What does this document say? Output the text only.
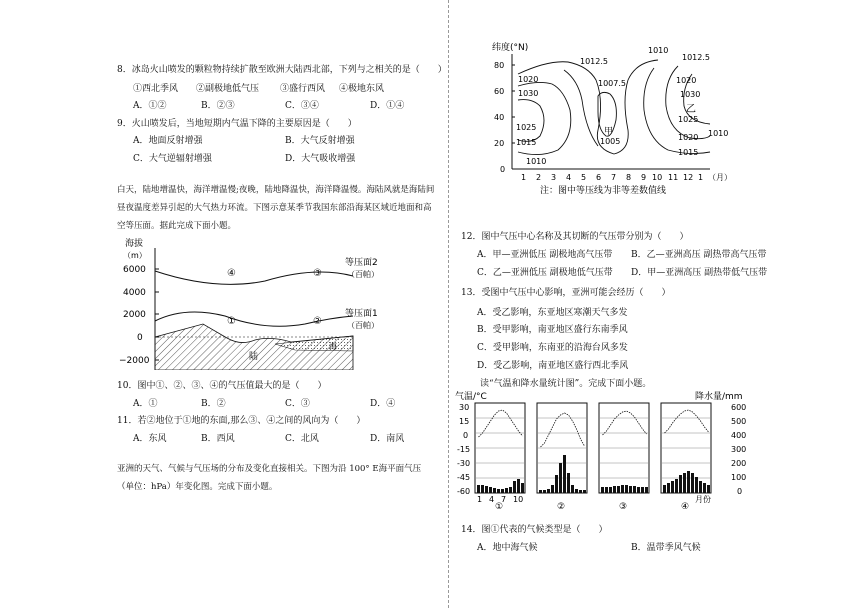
8．冰岛火山喷发的颗粒物持续扩散至欧洲大陆西北部，下列与之相关的是（　　）
①西北季风 ②副极地低气压 ③盛行西风 ④极地东风
A．①②	B．②③	C．③④	D．①④
9．火山喷发后，当地短期内气温下降的主要原因是（　　）
A．地面反射增强	B．大气反射增强
C．大气逆辐射增强	D．大气吸收增强
白天，陆地增温快，海洋增温慢;夜晚，陆地降温快，海洋降温慢。海陆风就是海陆间昼夜温度差异引起的大气热力环流。下图示意某季节我国东部沿海某区域近地面和高空等压面。据此完成下面小题。
海拔
（m）
6000
4000
2000
0
−2000
④	③
①	②
陆
海
等压面2
（百帕）
等压面1
（百帕）
10．图中①、②、③、④的气压值最大的是（　　）
A．①	B．②	C．③	D．④
11．若②地位于①地的东面,那么③、④之间的风向为（　　）
A．东风	B．西风	C．北风	D．南风
亚洲的天气、气候与气压场的分布及变化直接相关。下图为沿 100° E海平面气压（单位：hPa）年变化图。完成下面小题。
纬度(°N)
80
60
40
20
0
1 2 3 4 5 6 7 8 9 10 11 12 1 （月）
1012.5
1010
1012.5
1020
1030
1007.5
1025
1020
1030
1025
1020
1005
1015
1015
1010
1010
甲
乙
注：图中等压线为非等差数值线
12．图中气压中心名称及其切断的气压带分别为（　　）
A．甲—亚洲低压 副极地高气压带 B．乙—亚洲高压 副热带高气压带
C．乙—亚洲低压 副极地低气压带 D．甲—亚洲高压 副热带低气压带
13．受图中气压中心影响，亚洲可能会经历（　　）
A．受乙影响，东亚地区寒潮天气多发
B．受甲影响，南亚地区盛行东南季风
C．受甲影响，东南亚的沿海台风多发
D．受乙影响，南亚地区盛行西北季风
读“气温和降水量统计图”。完成下面小题。
气温/°C	降水量/mm
30
15
0
-15
-30
-45
-60
600
500
400
300
200
100
0
1 4 7 10	月份
①	②	③	④
14．图①代表的气候类型是（　　）
A．地中海气候	B．温带季风气候
